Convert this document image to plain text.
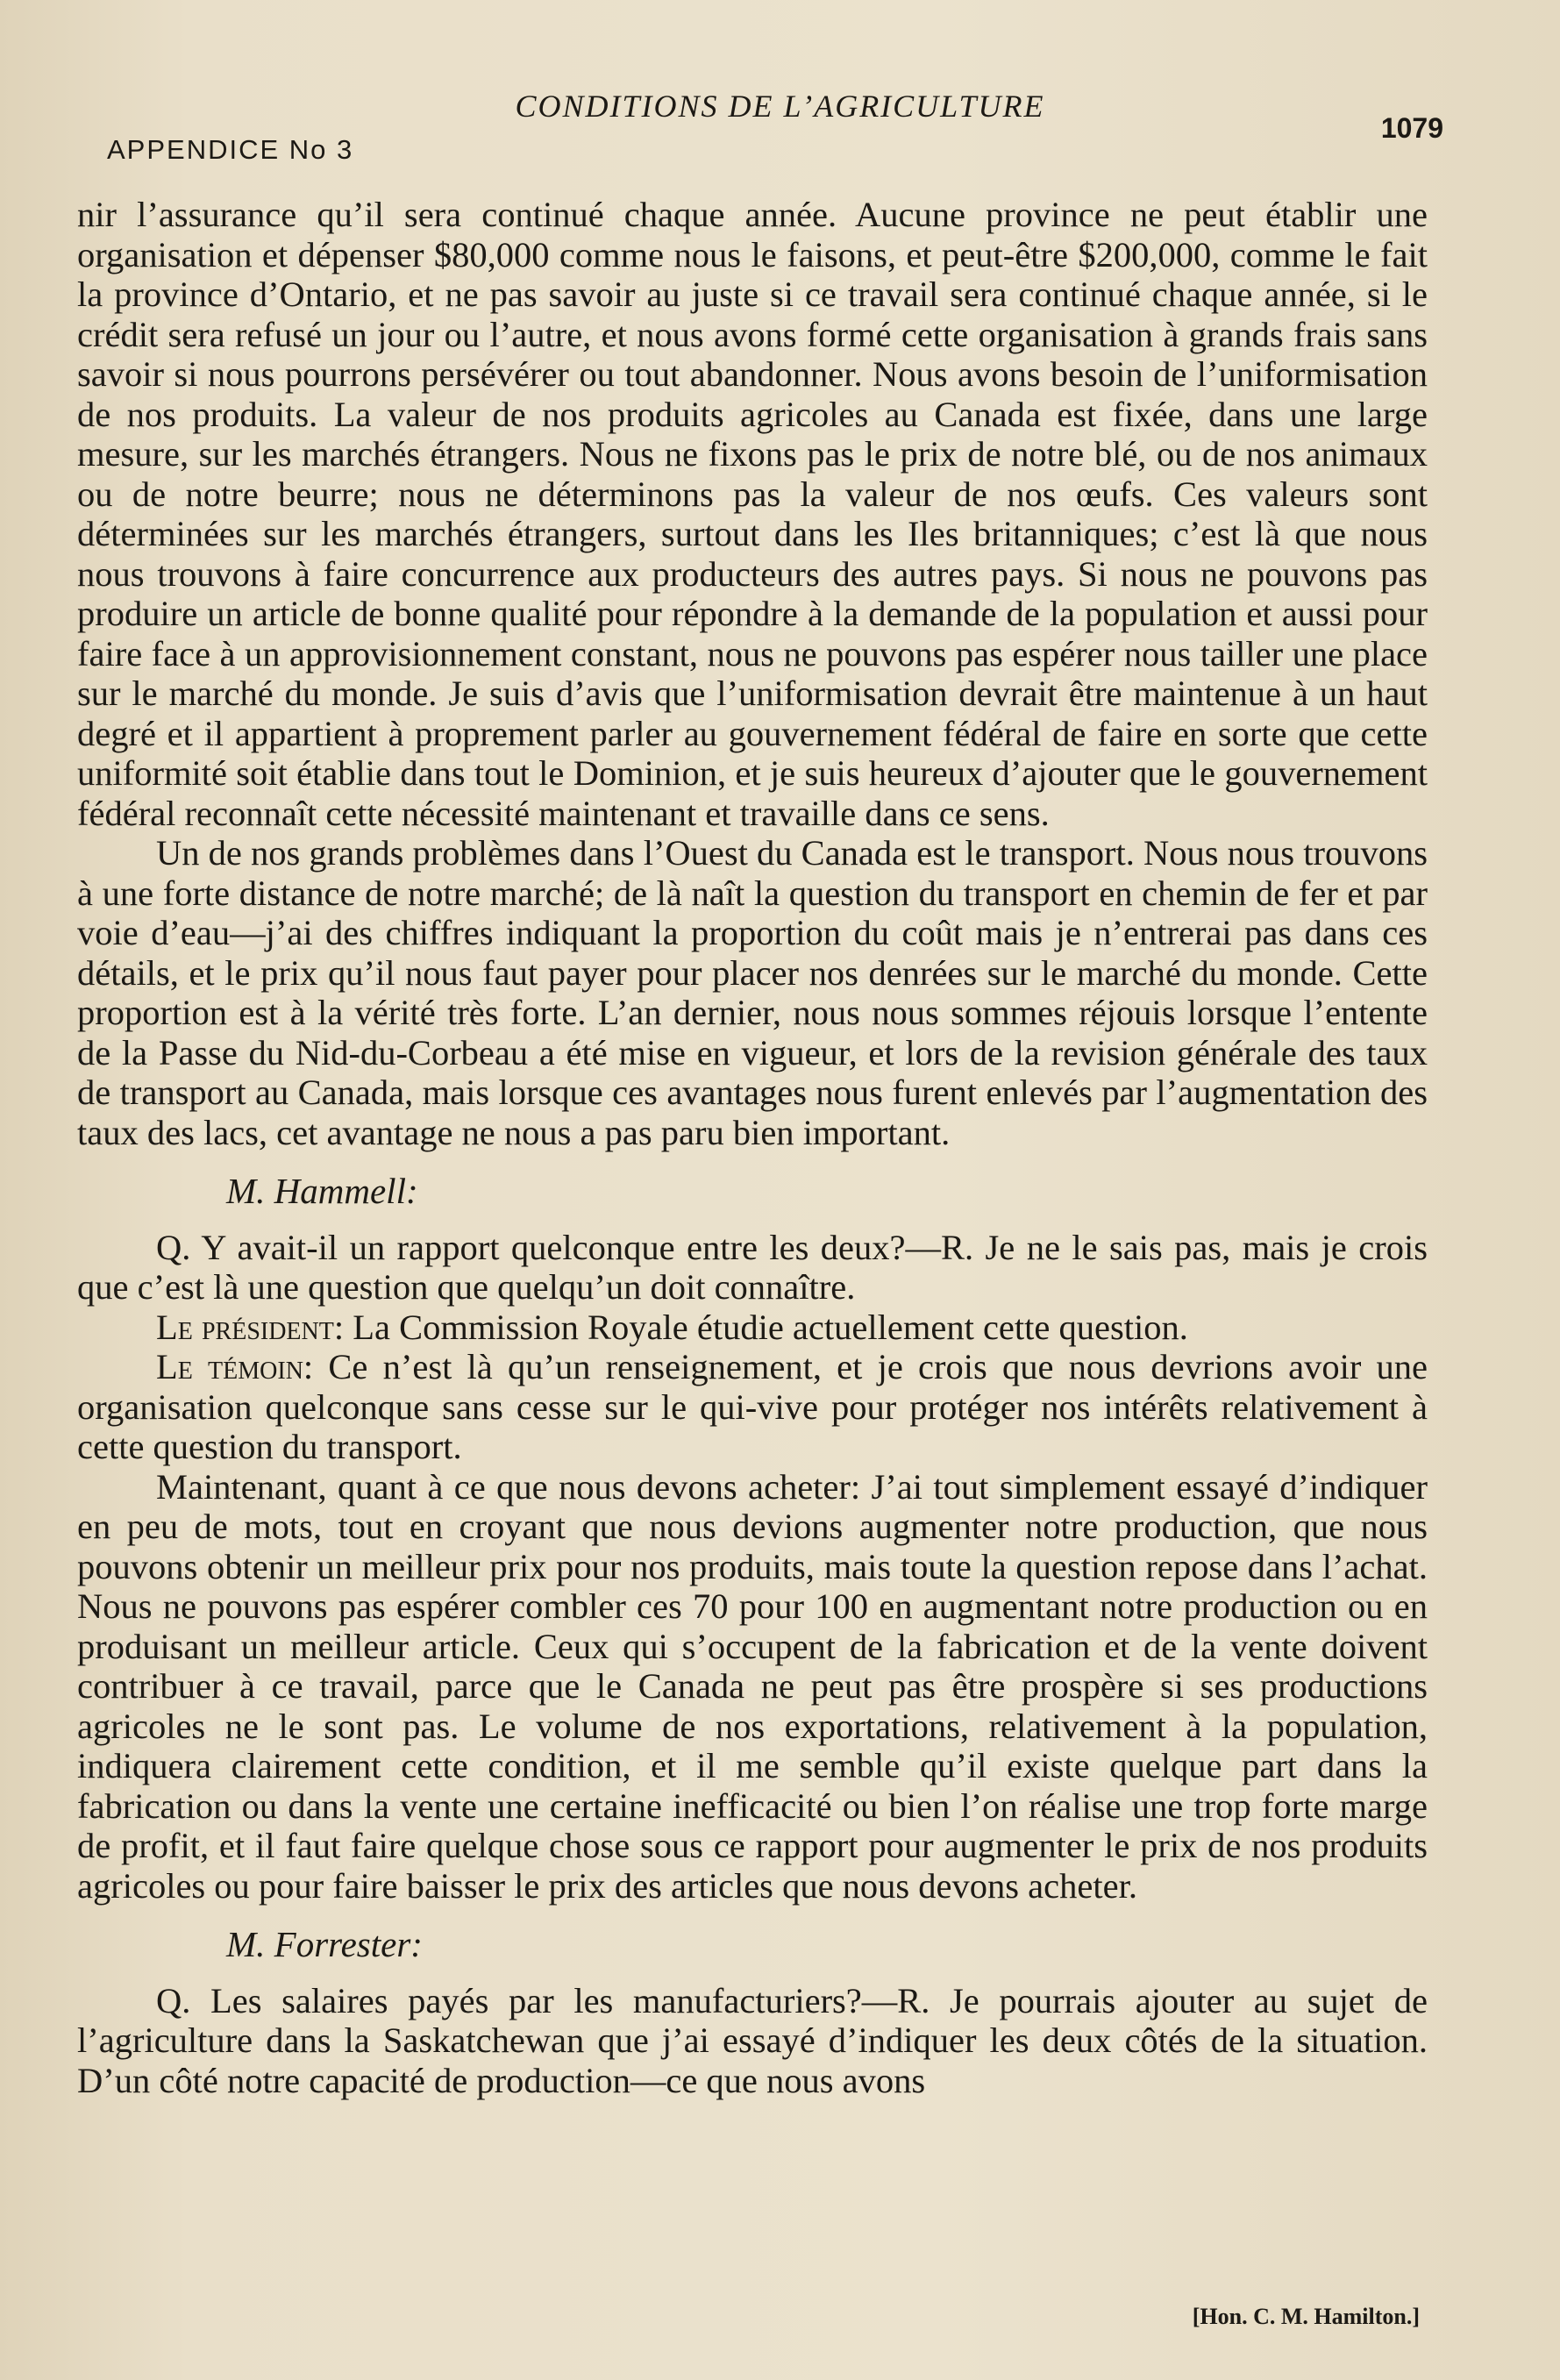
CONDITIONS DE L’AGRICULTURE
APPENDICE No 3
1079

nir l’assurance qu’il sera continué chaque année. Aucune province ne peut établir une organisation et dépenser $80,000 comme nous le faisons, et peut-être $200,000, comme le fait la province d’Ontario, et ne pas savoir au juste si ce travail sera continué chaque année, si le crédit sera refusé un jour ou l’autre, et nous avons formé cette organisation à grands frais sans savoir si nous pourrons persévérer ou tout abandonner. Nous avons besoin de l’uniformisation de nos produits. La valeur de nos produits agricoles au Canada est fixée, dans une large mesure, sur les marchés étrangers. Nous ne fixons pas le prix de notre blé, ou de nos animaux ou de notre beurre; nous ne déterminons pas la valeur de nos œufs. Ces valeurs sont déterminées sur les marchés étrangers, surtout dans les Iles britanniques; c’est là que nous nous trouvons à faire concurrence aux producteurs des autres pays. Si nous ne pouvons pas produire un article de bonne qualité pour répondre à la demande de la population et aussi pour faire face à un approvisionnement constant, nous ne pouvons pas espérer nous tailler une place sur le marché du monde. Je suis d’avis que l’uniformisation devrait être maintenue à un haut degré et il appartient à proprement parler au gouvernement fédéral de faire en sorte que cette uniformité soit établie dans tout le Dominion, et je suis heureux d’ajouter que le gouvernement fédéral reconnaît cette nécessité maintenant et travaille dans ce sens.

Un de nos grands problèmes dans l’Ouest du Canada est le transport. Nous nous trouvons à une forte distance de notre marché; de là naît la question du transport en chemin de fer et par voie d’eau—j’ai des chiffres indiquant la proportion du coût mais je n’entrerai pas dans ces détails, et le prix qu’il nous faut payer pour placer nos denrées sur le marché du monde. Cette proportion est à la vérité très forte. L’an dernier, nous nous sommes réjouis lorsque l’entente de la Passe du Nid-du-Corbeau a été mise en vigueur, et lors de la revision générale des taux de transport au Canada, mais lorsque ces avantages nous furent enlevés par l’augmentation des taux des lacs, cet avantage ne nous a pas paru bien important.

M. Hammell:

Q. Y avait-il un rapport quelconque entre les deux?—R. Je ne le sais pas, mais je crois que c’est là une question que quelqu’un doit connaître.

Le président: La Commission Royale étudie actuellement cette question.

Le témoin: Ce n’est là qu’un renseignement, et je crois que nous devrions avoir une organisation quelconque sans cesse sur le qui-vive pour protéger nos intérêts relativement à cette question du transport.

Maintenant, quant à ce que nous devons acheter: J’ai tout simplement essayé d’indiquer en peu de mots, tout en croyant que nous devions augmenter notre production, que nous pouvons obtenir un meilleur prix pour nos produits, mais toute la question repose dans l’achat. Nous ne pouvons pas espérer combler ces 70 pour 100 en augmentant notre production ou en produisant un meilleur article. Ceux qui s’occupent de la fabrication et de la vente doivent contribuer à ce travail, parce que le Canada ne peut pas être prospère si ses productions agricoles ne le sont pas. Le volume de nos exportations, relativement à la population, indiquera clairement cette condition, et il me semble qu’il existe quelque part dans la fabrication ou dans la vente une certaine inefficacité ou bien l’on réalise une trop forte marge de profit, et il faut faire quelque chose sous ce rapport pour augmenter le prix de nos produits agricoles ou pour faire baisser le prix des articles que nous devons acheter.

M. Forrester:

Q. Les salaires payés par les manufacturiers?—R. Je pourrais ajouter au sujet de l’agriculture dans la Saskatchewan que j’ai essayé d’indiquer les deux côtés de la situation. D’un côté notre capacité de production—ce que nous avons

[Hon. C. M. Hamilton.]
